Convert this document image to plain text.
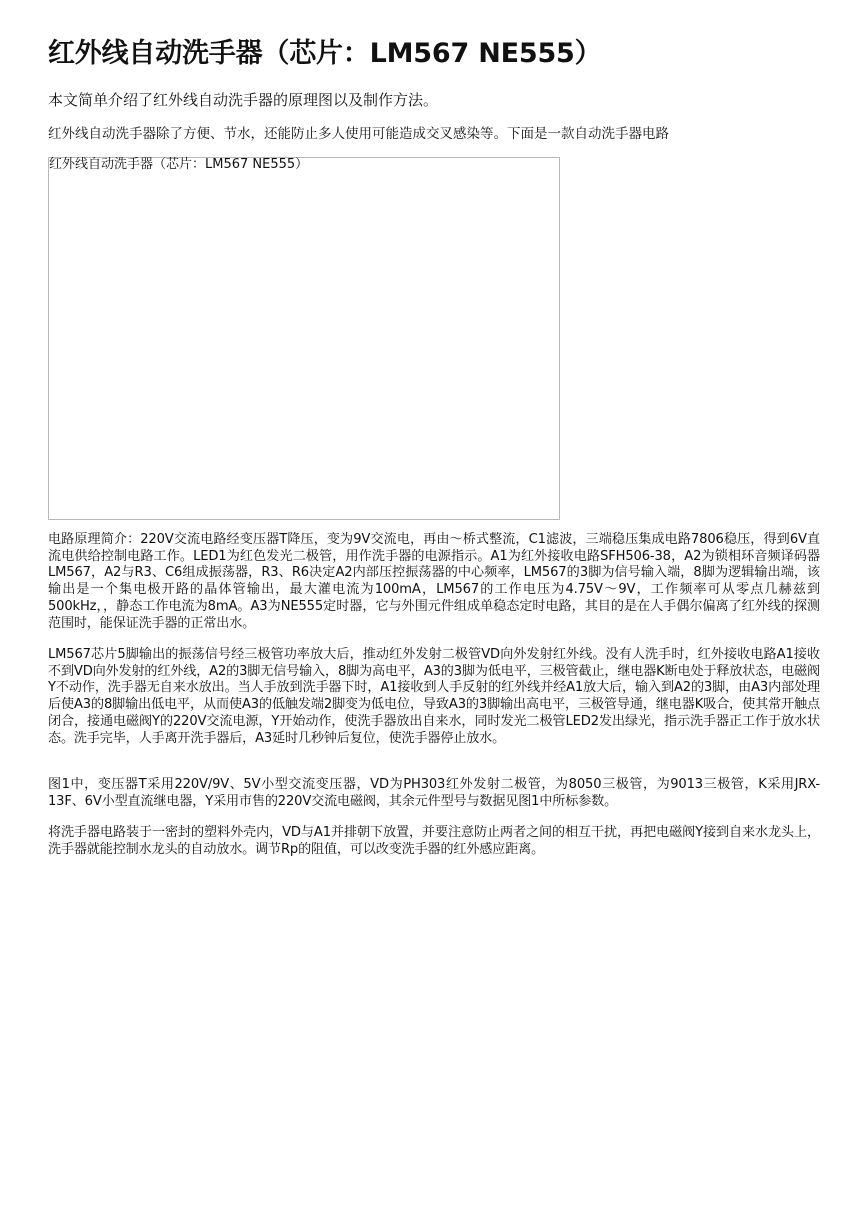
红外线自动洗手器（芯片：LM567 NE555）

本文简单介绍了红外线自动洗手器的原理图以及制作方法。

红外线自动洗手器除了方便、节水，还能防止多人使用可能造成交叉感染等。下面是一款自动洗手器电路

红外线自动洗手器（芯片：LM567 NE555）

电路原理简介：220V交流电路经变压器T降压，变为9V交流电，再由～桥式整流，C1滤波，三端稳压集成电路7806稳压，得到6V直流电供给控制电路工作。LED1为红色发光二极管，用作洗手器的电源指示。A1为红外接收电路SFH506-38，A2为锁相环音频译码器LM567，A2与R3、C6组成振荡器，R3、R6决定A2内部压控振荡器的中心频率，LM567的3脚为信号输入端，8脚为逻辑输出端，该输出是一个集电极开路的晶体管输出，最大灌电流为100mA，LM567的工作电压为4.75V～9V，工作频率可从零点几赫兹到500kHz，，静态工作电流为8mA。A3为NE555定时器，它与外围元件组成单稳态定时电路，其目的是在人手偶尔偏离了红外线的探测范围时，能保证洗手器的正常出水。

LM567芯片5脚输出的振荡信号经三极管功率放大后，推动红外发射二极管VD向外发射红外线。没有人洗手时，红外接收电路A1接收不到VD向外发射的红外线，A2的3脚无信号输入，8脚为高电平，A3的3脚为低电平，三极管截止，继电器K断电处于释放状态，电磁阀Y不动作，洗手器无自来水放出。当人手放到洗手器下时，A1接收到人手反射的红外线并经A1放大后，输入到A2的3脚，由A3内部处理后使A3的8脚输出低电平，从而使A3的低触发端2脚变为低电位，导致A3的3脚输出高电平，三极管导通，继电器K吸合，使其常开触点闭合，接通电磁阀Y的220V交流电源，Y开始动作，使洗手器放出自来水，同时发光二极管LED2发出绿光，指示洗手器正工作于放水状态。洗手完毕，人手离开洗手器后，A3延时几秒钟后复位，使洗手器停止放水。

图1中，变压器T采用220V/9V、5V小型交流变压器，VD为PH303红外发射二极管，为8050三极管，为9013三极管，K采用JRX-13F、6V小型直流继电器，Y采用市售的220V交流电磁阀，其余元件型号与数据见图1中所标参数。

将洗手器电路装于一密封的塑料外壳内，VD与A1并排朝下放置，并要注意防止两者之间的相互干扰，再把电磁阀Y接到自来水龙头上，洗手器就能控制水龙头的自动放水。调节Rp的阻值，可以改变洗手器的红外感应距离。
